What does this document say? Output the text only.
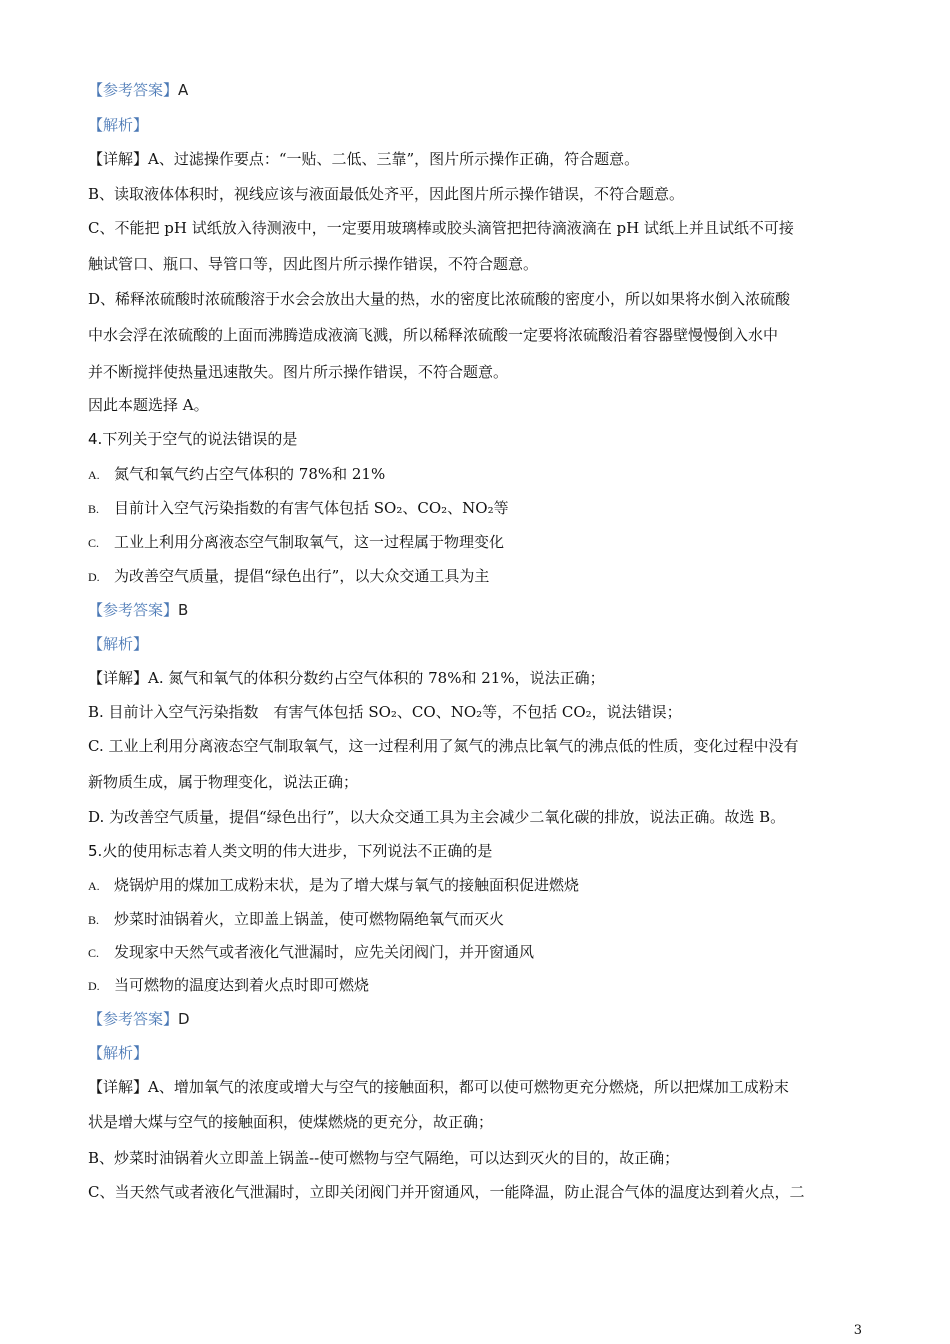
【参考答案】A
【解析】
【详解】A、过滤操作要点：“一贴、二低、三靠”，图片所示操作正确，符合题意。
B、读取液体体积时，视线应该与液面最低处齐平，因此图片所示操作错误，不符合题意。
C、不能把 pH 试纸放入待测液中，一定要用玻璃棒或胶头滴管把把待滴液滴在 pH 试纸上并且试纸不可接
触试管口、瓶口、导管口等，因此图片所示操作错误，不符合题意。
D、稀释浓硫酸时浓硫酸溶于水会会放出大量的热，水的密度比浓硫酸的密度小，所以如果将水倒入浓硫酸
中水会浮在浓硫酸的上面而沸腾造成液滴飞溅，所以稀释浓硫酸一定要将浓硫酸沿着容器壁慢慢倒入水中
并不断搅拌使热量迅速散失。图片所示操作错误，不符合题意。
因此本题选择 A。
4.下列关于空气的说法错误的是
A. 氮气和氧气约占空气体积的 78%和 21%
B. 目前计入空气污染指数的有害气体包括 SO₂、CO₂、NO₂等
C. 工业上利用分离液态空气制取氧气，这一过程属于物理变化
D. 为改善空气质量，提倡“绿色出行”，以大众交通工具为主
【参考答案】B
【解析】
【详解】A. 氮气和氧气的体积分数约占空气体积的 78%和 21%，说法正确；
B. 目前计入空气污染指数　有害气体包括 SO₂、CO、NO₂等，不包括 CO₂，说法错误；
C. 工业上利用分离液态空气制取氧气，这一过程利用了氮气的沸点比氧气的沸点低的性质，变化过程中没有
新物质生成，属于物理变化，说法正确；
D. 为改善空气质量，提倡“绿色出行”，以大众交通工具为主会减少二氧化碳的排放，说法正确。故选 B。
5.火的使用标志着人类文明的伟大进步，下列说法不正确的是
A. 烧锅炉用的煤加工成粉末状，是为了增大煤与氧气的接触面积促进燃烧
B. 炒菜时油锅着火，立即盖上锅盖，使可燃物隔绝氧气而灭火
C. 发现家中天然气或者液化气泄漏时，应先关闭阀门，并开窗通风
D. 当可燃物的温度达到着火点时即可燃烧
【参考答案】D
【解析】
【详解】A、增加氧气的浓度或增大与空气的接触面积，都可以使可燃物更充分燃烧，所以把煤加工成粉末
状是增大煤与空气的接触面积，使煤燃烧的更充分，故正确；
B、炒菜时油锅着火立即盖上锅盖--使可燃物与空气隔绝，可以达到灭火的目的，故正确；
C、当天然气或者液化气泄漏时，立即关闭阀门并开窗通风，一能降温，防止混合气体的温度达到着火点，二
3
